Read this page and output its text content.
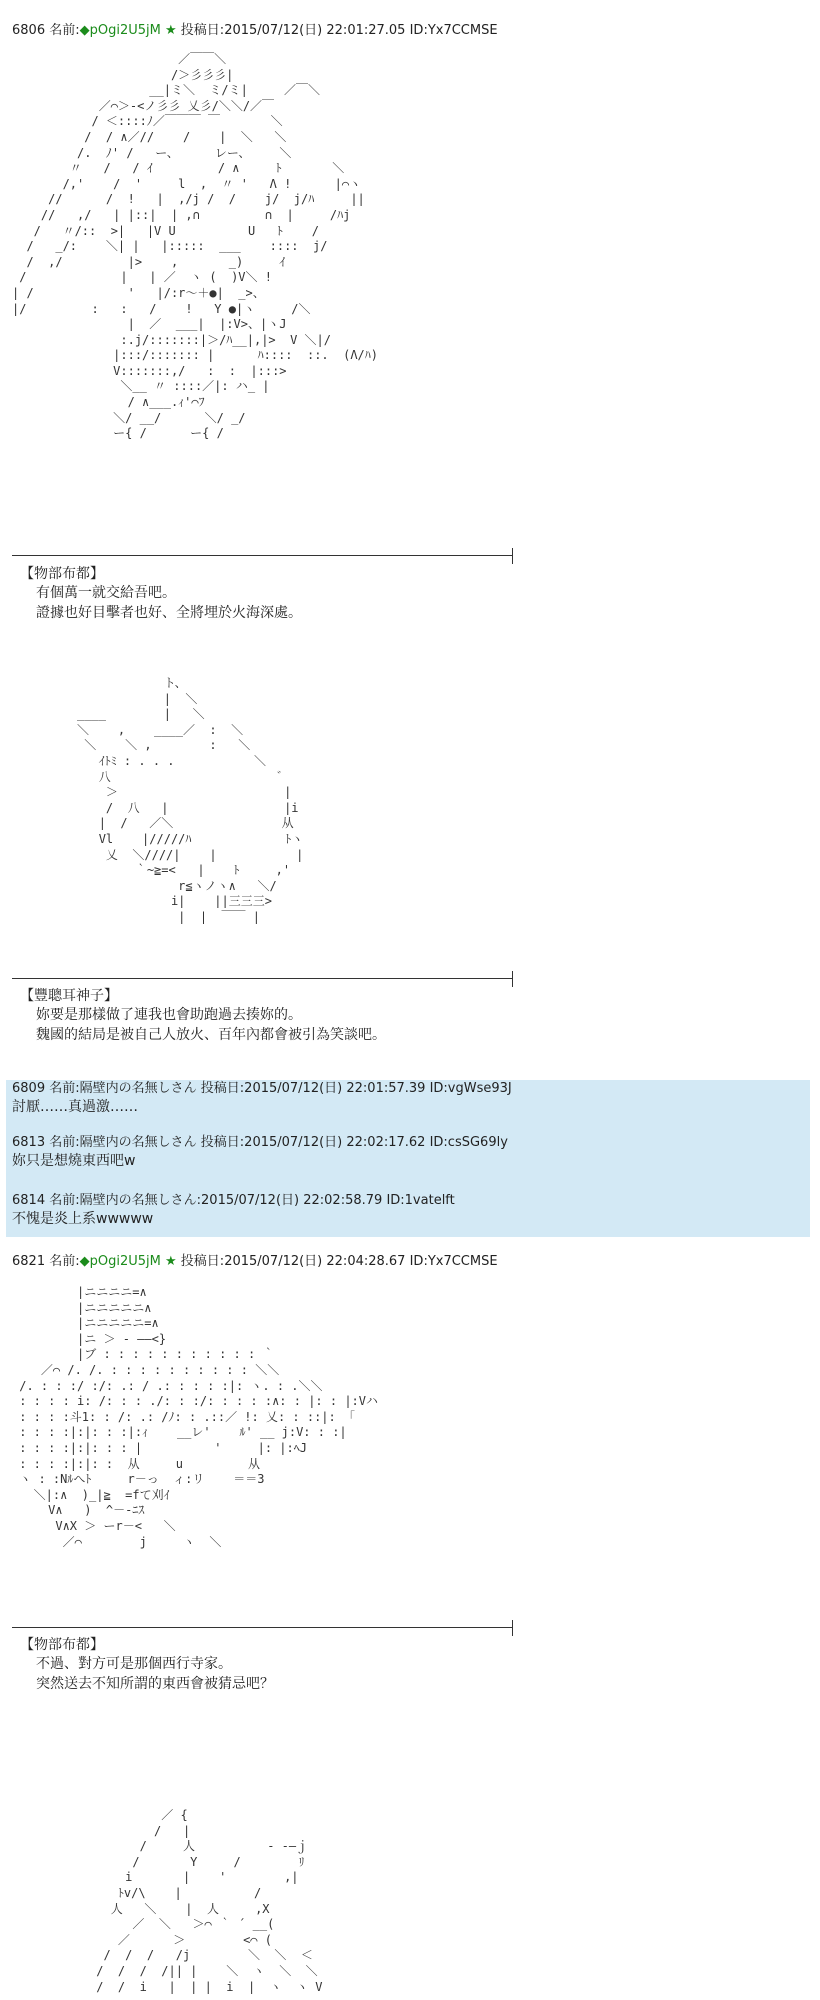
6806 名前:◆pOgi2U5jM ★ 投稿日:2015/07/12(日) 22:01:27.05 ID:Yx7CCMSE
／￣￣＼
/＞彡彡彡|
__|ミ＼  ミ/ミ|     ／￣＼
／⌒＞-<ノ彡彡 乂彡/＼＼/／￣
/ ＜::::ﾉ／￣￣￣ ￣       ＼
/  / ∧／//    /    |  ＼   ＼
/.  ﾉ' /   ー、     レー、    ＼
〃   /   / ｲ         / ∧     ﾄ       ＼
/,'    /  '     l  ,  〃 '   Λ !      |⌒ヽ
//      /  !   |  ,/j /  /    j/  j/ﾊ     ||
//   ,/   | |::|  | ,∩         ∩  |     /ﾊj
/   〃/::  >|   |V U          U   ﾄ    /
/   _/:    ＼| |   |:::::  ___    ::::  j/
/  ,/         |>    ,       _)     ｲ
/             |   | ／  ヽ (  )V＼ !
| /             '   |/:r～＋●|  _>、
|/         :   :   /    !   Y ●|ヽ     /＼
|  ／  ___|  |:V>、|ヽJ
:.j/:::::::|＞/ﾊ__|,|>  V ＼|/
|:::/::::::: |      ﾊ::::  ::.  (Λ/ﾊ)
V:::::::,/   :  :  |:::>
＼__ 〃 ::::／|: ハ_ |
/ ∧___.ｨ'⌒ﾌ
＼/ __/      ＼/ _/
ー{ /      ー{ /
【物部布都】
有個萬一就交給吾吧。
證據也好目擊者也好、全將埋於火海深處。
ト、
|  ＼
____        |   ＼
＼    ,    ____／  :  ＼
＼    ＼ ,        :   ＼
ｲﾄﾐ : . . .           ＼
八                       ゛
＞                       |
/  八   |                |i
|  /   ／＼               从
Vl    |/////ﾊ             ﾄヽ
乂  ＼////|    |           |
｀~≧=<   |    ﾄ     ,'
r≦ヽノヽ∧   ＼/
i|    ||三三三>
|  |  ￣￣ |
【豐聰耳神子】
妳要是那樣做了連我也會助跑過去揍妳的。
魏國的結局是被自己人放火、百年內都會被引為笑談吧。
6809 名前:隔壁内の名無しさん 投稿日:2015/07/12(日) 22:01:57.39 ID:vgWse93J
討厭……真過激……
6813 名前:隔壁内の名無しさん 投稿日:2015/07/12(日) 22:02:17.62 ID:csSG69ly
妳只是想燒東西吧w
6814 名前:隔壁内の名無しさん:2015/07/12(日) 22:02:58.79 ID:1vatelft
不愧是炎上系wwwww
6821 名前:◆pOgi2U5jM ★ 投稿日:2015/07/12(日) 22:04:28.67 ID:Yx7CCMSE
|ニニニニ=∧
|ニニニニニ∧
|ニニニニニ=∧
|ニ ＞ - ――<}
|ブ : : : : : : : : : : : ｀
／⌒ /. /. : : : : : : : : : : ＼＼
/. : : :/ :/: .: / .: : : : :|: ヽ. : .＼＼
: : : : i: /: : : ./: : :/: : : : :∧: : |: : |:Vハ
: : : :斗1: : /: .: /ﾉ: : .::／ !: 乂: : ::|: 「
: : : :|:|: : :|:ｨ    __レ'    ﾙ' __ j:V: : :|
: : : :|:|: : : |          '     |: |:ﾍJ
: : : :|:|: :  从     u         从
ヽ : :Nﾙへﾄ     r－っ  ィ:リ    ＝＝3
＼|:∧  )_|≧  =fて刈ｲ
V∧   )  ^－-ﾆｽ
V∧X ＞ ーr－<   ＼
／⌒        j     ヽ  ＼
【物部布都】
不過、對方可是那個西行寺家。
突然送去不知所謂的東西會被猜忌吧？
／ {
/   |
/     人          - -—ｊ
/       Y     /        ﾘ
i       |    '        ,|
ﾄv/\    |          /
人   ＼    |  人     ,X
／  ＼   ＞⌒ ｀ ´ __(
／      ＞        <⌒ (
/  /  /   /j        ＼  ＼  ＜
/  /  /  /|| |    ＼  ヽ  ＼  ＼
/  /  i   |  | |  i  |  ヽ  ヽ V
